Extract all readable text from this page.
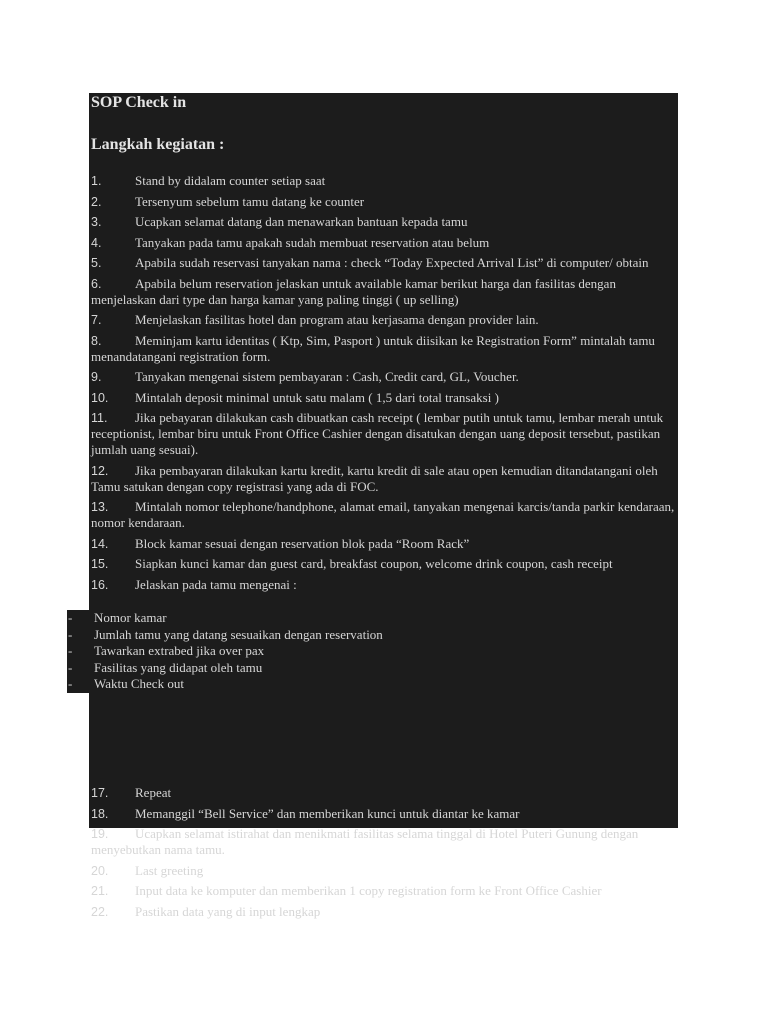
SOP Check in
Langkah kegiatan :
1.	Stand by didalam counter setiap saat
2.	Tersenyum sebelum tamu datang ke counter
3.	Ucapkan selamat datang dan menawarkan bantuan kepada tamu
4.	Tanyakan pada tamu apakah sudah membuat reservation atau belum
5.	Apabila sudah reservasi tanyakan nama : check “Today Expected Arrival List” di computer/ obtain
6.	Apabila belum reservation jelaskan untuk available kamar berikut harga dan fasilitas dengan menjelaskan dari type dan harga kamar yang paling tinggi ( up selling)
7.	Menjelaskan fasilitas hotel dan program atau kerjasama dengan provider lain.
8.	Meminjam kartu identitas ( Ktp, Sim, Pasport ) untuk diisikan ke Registration Form” mintalah tamu menandatangani registration form.
9.	Tanyakan mengenai sistem pembayaran : Cash, Credit card, GL, Voucher.
10. Mintalah deposit minimal untuk satu malam ( 1,5 dari total transaksi )
11. Jika pebayaran dilakukan cash dibuatkan cash receipt ( lembar putih untuk tamu, lembar merah untuk receptionist, lembar biru untuk Front Office Cashier dengan disatukan dengan uang deposit tersebut, pastikan jumlah uang sesuai).
12. Jika pembayaran dilakukan kartu kredit, kartu kredit di sale atau open kemudian ditandatangani oleh Tamu satukan dengan copy registrasi yang ada di FOC.
13. Mintalah nomor telephone/handphone, alamat email, tanyakan mengenai karcis/tanda parkir kendaraan, nomor kendaraan.
14. Block kamar sesuai dengan reservation blok pada “Room Rack”
15. Siapkan kunci kamar dan guest card, breakfast coupon, welcome drink coupon, cash receipt
16. Jelaskan pada tamu mengenai :
17. Repeat
18. Memanggil “Bell Service” dan memberikan kunci untuk diantar ke kamar
19. Ucapkan selamat istirahat dan menikmati fasilitas selama tinggal di Hotel Puteri Gunung dengan menyebutkan nama tamu.
20. Last greeting
21. Input data ke komputer dan memberikan 1 copy registration form ke Front Office Cashier
22. Pastikan data yang di input lengkap
- Nomor kamar
- Jumlah tamu yang datang sesuaikan dengan reservation
- Tawarkan extrabed jika over pax
- Fasilitas yang didapat oleh tamu
- Waktu Check out
